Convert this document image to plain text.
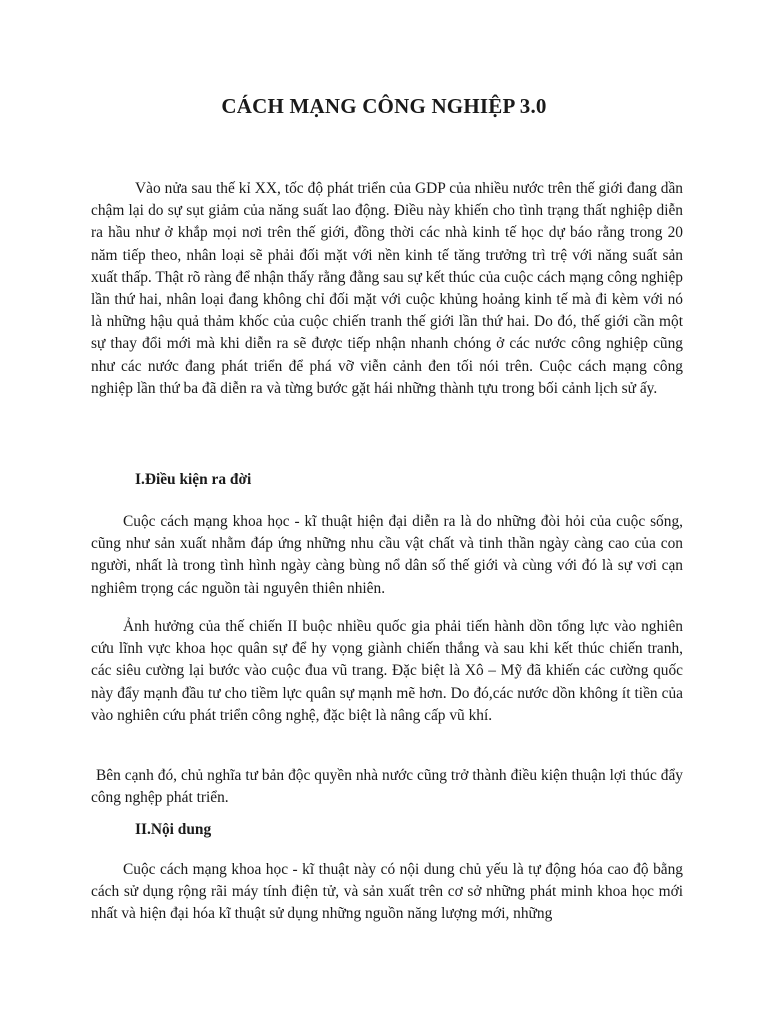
CÁCH MẠNG CÔNG NGHIỆP 3.0

Vào nửa sau thế kỉ XX, tốc độ phát triển của GDP của nhiều nước trên thế giới đang dần chậm lại do sự sụt giảm của năng suất lao động. Điều này khiến cho tình trạng thất nghiệp diễn ra hầu như ở khắp mọi nơi trên thế giới, đồng thời các nhà kinh tế học dự báo rằng trong 20 năm tiếp theo, nhân loại sẽ phải đối mặt với nền kinh tế tăng trưởng trì trệ với năng suất sản xuất thấp. Thật rõ ràng để nhận thấy rằng đằng sau sự kết thúc của cuộc cách mạng công nghiệp lần thứ hai, nhân loại đang không chỉ đối mặt với cuộc khủng hoảng kinh tế mà đi kèm với nó là những hậu quả thảm khốc của cuộc chiến tranh thế giới lần thứ hai. Do đó, thế giới cần một sự thay đổi mới mà khi diễn ra sẽ được tiếp nhận nhanh chóng ở các nước công nghiệp cũng như các nước đang phát triển để phá vỡ viễn cảnh đen tối nói trên. Cuộc cách mạng công nghiệp lần thứ ba đã diễn ra và từng bước gặt hái những thành tựu trong bối cảnh lịch sử ấy.

I.Điều kiện ra đời

Cuộc cách mạng khoa học - kĩ thuật hiện đại diễn ra là do những đòi hỏi của cuộc sống, cũng như sản xuất nhằm đáp ứng những nhu cầu vật chất và tinh thần ngày càng cao của con người, nhất là trong tình hình ngày càng bùng nổ dân số thế giới và cùng với đó là sự vơi cạn nghiêm trọng các nguồn tài nguyên thiên nhiên.

Ảnh hưởng của thế chiến II buộc nhiều quốc gia phải tiến hành dồn tổng lực vào nghiên cứu lĩnh vực khoa học quân sự để hy vọng giành chiến thắng và sau khi kết thúc chiến tranh, các siêu cường lại bước vào cuộc đua vũ trang. Đặc biệt là Xô – Mỹ đã khiến các cường quốc này đẩy mạnh đầu tư cho tiềm lực quân sự mạnh mẽ hơn. Do đó,các nước dồn không ít tiền của vào nghiên cứu phát triển công nghệ, đặc biệt là nâng cấp vũ khí.

Bên cạnh đó, chủ nghĩa tư bản độc quyền nhà nước cũng trở thành điều kiện thuận lợi thúc đẩy công nghệp phát triển.

II.Nội dung

Cuộc cách mạng khoa học - kĩ thuật này có nội dung chủ yếu là tự động hóa cao độ bằng cách sử dụng rộng rãi máy tính điện tử, và sản xuất trên cơ sở những phát minh khoa học mới nhất và hiện đại hóa kĩ thuật sử dụng những nguồn năng lượng mới, những
